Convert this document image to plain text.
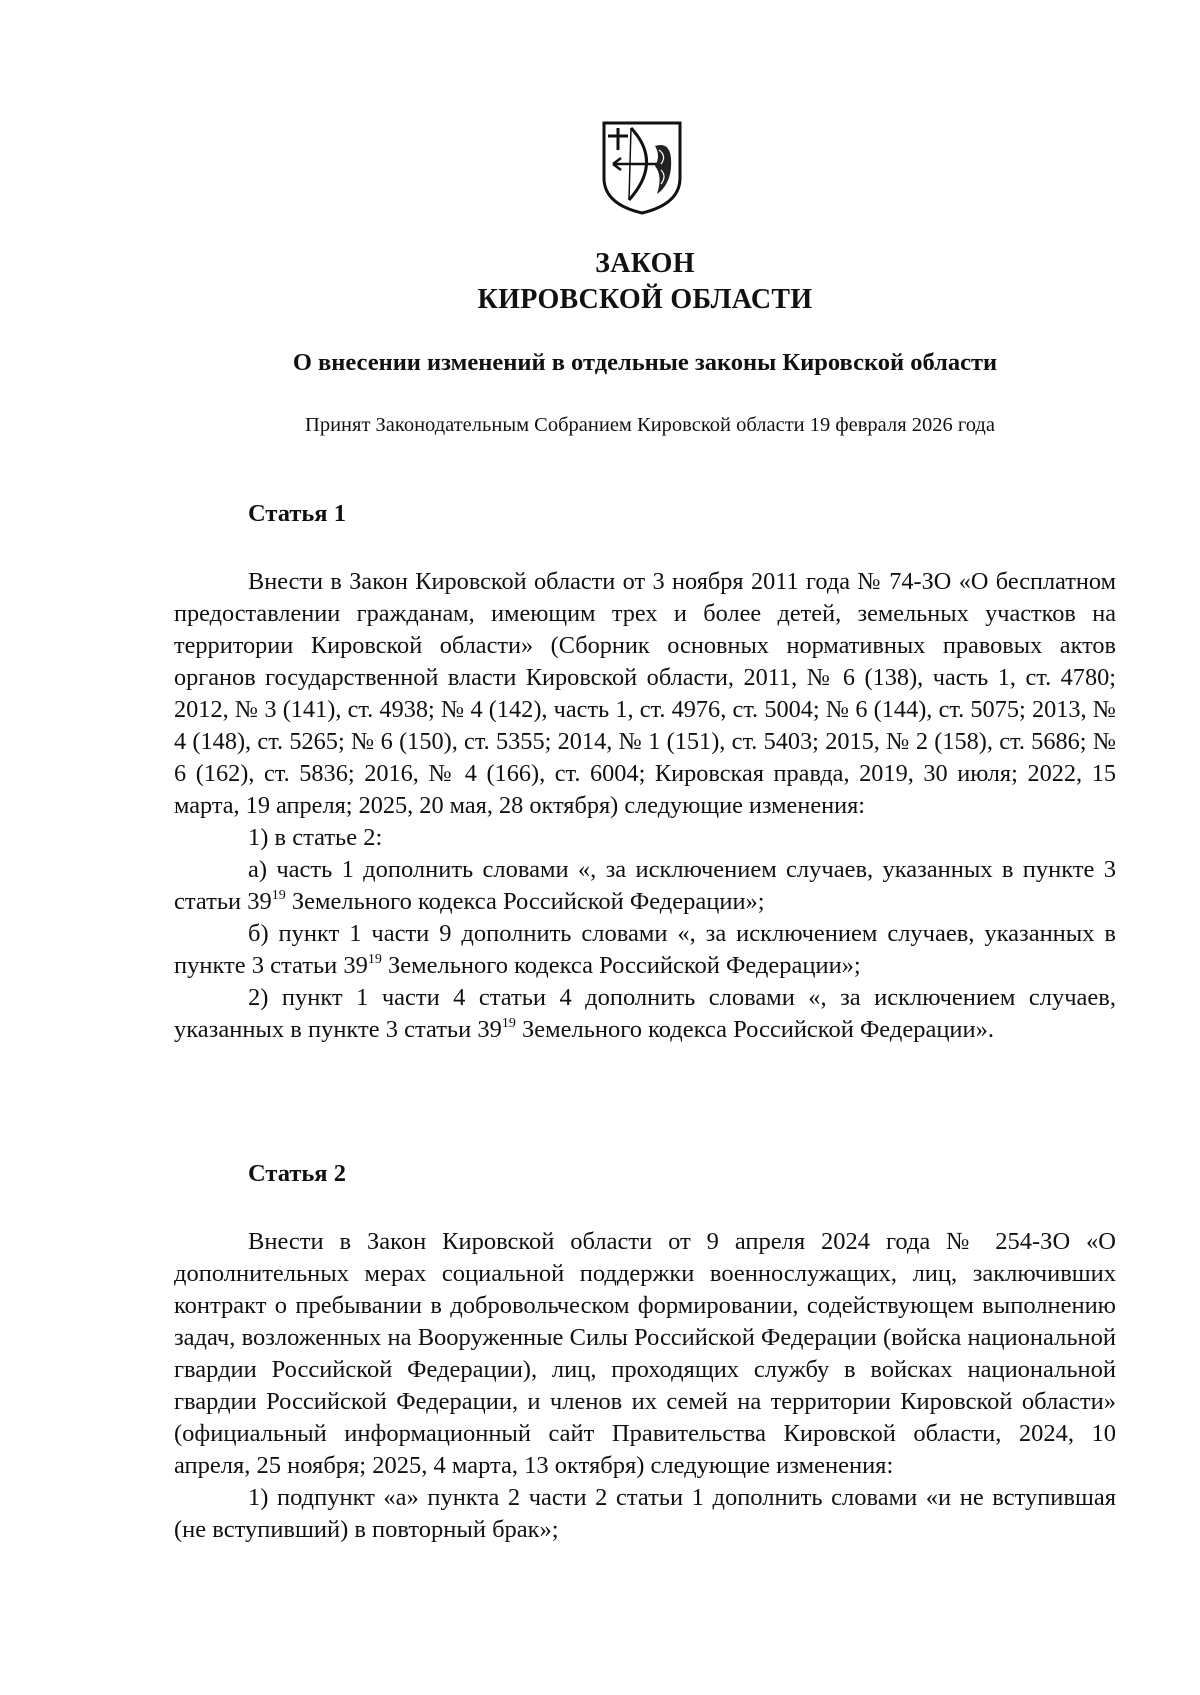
ЗАКОН
КИРОВСКОЙ ОБЛАСТИ
О внесении изменений в отдельные законы Кировской области
Принят Законодательным Собранием Кировской области 19 февраля 2026 года
Статья 1

Внести в Закон Кировской области от 3 ноября 2011 года № 74-ЗО «О бесплатном предоставлении гражданам, имеющим трех и более детей, земельных участков на территории Кировской области» (Сборник основных нормативных правовых актов органов государственной власти Кировской области, 2011, № 6 (138), часть 1, ст. 4780; 2012, № 3 (141), ст. 4938; № 4 (142), часть 1, ст. 4976, ст. 5004; № 6 (144), ст. 5075; 2013, № 4 (148), ст. 5265; № 6 (150), ст. 5355; 2014, № 1 (151), ст. 5403; 2015, № 2 (158), ст. 5686; № 6 (162), ст. 5836; 2016, № 4 (166), ст. 6004; Кировская правда, 2019, 30 июля; 2022, 15 марта, 19 апреля; 2025, 20 мая, 28 октября) следующие изменения:

1) в статье 2:

а) часть 1 дополнить словами «, за исключением случаев, указанных в пункте 3 статьи $39^{19}$ Земельного кодекса Российской Федерации»;

б) пункт 1 части 9 дополнить словами «, за исключением случаев, указанных в пункте 3 статьи $39^{19}$ Земельного кодекса Российской Федерации»;

2) пункт 1 части 4 статьи 4 дополнить словами «, за исключением случаев, указанных в пункте 3 статьи $39^{19}$ Земельного кодекса Российской Федерации».

Статья 2

Внести в Закон Кировской области от 9 апреля 2024 года № 254-ЗО «О дополнительных мерах социальной поддержки военнослужащих, лиц, заключивших контракт о пребывании в добровольческом формировании, содействующем выполнению задач, возложенных на Вооруженные Силы Российской Федерации (войска национальной гвардии Российской Федерации), лиц, проходящих службу в войсках национальной гвардии Российской Федерации, и членов их семей на территории Кировской области» (официальный информационный сайт Правительства Кировской области, 2024, 10 апреля, 25 ноября; 2025, 4 марта, 13 октября) следующие изменения:

1) подпункт «а» пункта 2 части 2 статьи 1 дополнить словами «и не вступившая (не вступивший) в повторный брак»;
